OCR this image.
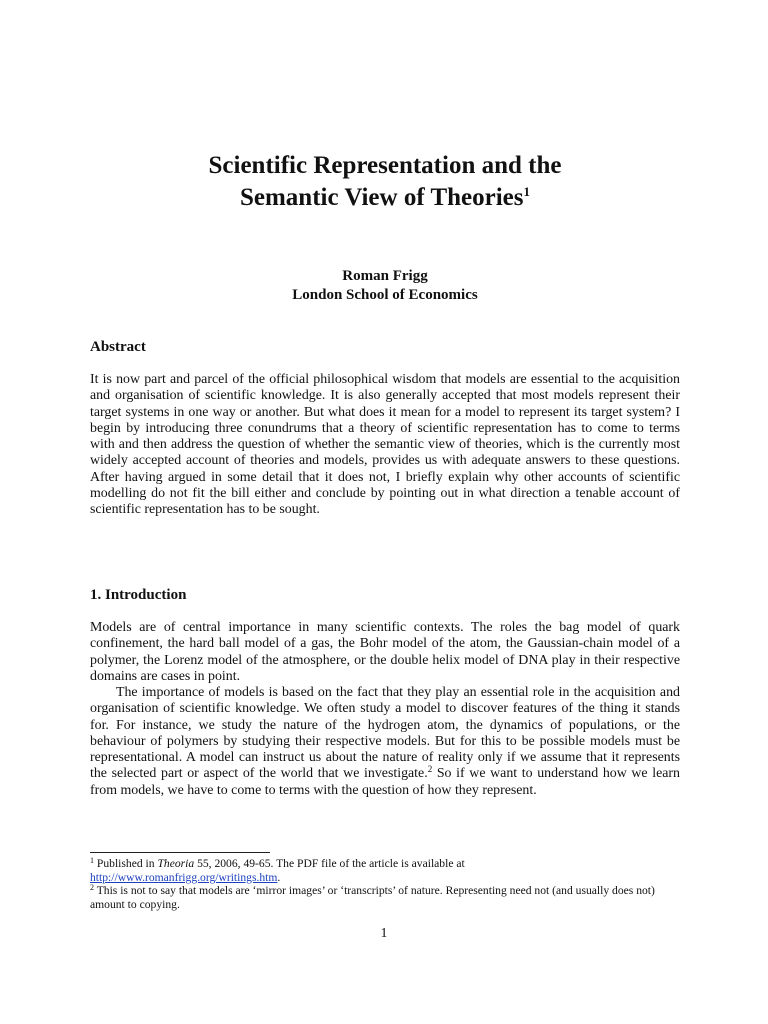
Scientific Representation and the
Semantic View of Theories$^1$
Roman Frigg
London School of Economics
Abstract

It is now part and parcel of the official philosophical wisdom that models are essential to the acquisition and organisation of scientific knowledge. It is also generally accepted that most models represent their target systems in one way or another. But what does it mean for a model to represent its target system? I begin by introducing three conundrums that a theory of scientific representation has to come to terms with and then address the question of whether the semantic view of theories, which is the currently most widely accepted account of theories and models, provides us with adequate answers to these questions. After having argued in some detail that it does not, I briefly explain why other accounts of scientific modelling do not fit the bill either and conclude by pointing out in what direction a tenable account of scientific representation has to be sought.

1. Introduction

Models are of central importance in many scientific contexts. The roles the bag model of quark confinement, the hard ball model of a gas, the Bohr model of the atom, the Gaussian-chain model of a polymer, the Lorenz model of the atmosphere, or the double helix model of DNA play in their respective domains are cases in point.

The importance of models is based on the fact that they play an essential role in the acquisition and organisation of scientific knowledge. We often study a model to discover features of the thing it stands for. For instance, we study the nature of the hydrogen atom, the dynamics of populations, or the behaviour of polymers by studying their respective models. But for this to be possible models must be representational. A model can instruct us about the nature of reality only if we assume that it represents the selected part or aspect of the world that we investigate.$^2$ So if we want to understand how we learn from models, we have to come to terms with the question of how they represent.

$^1$ Published in Theoria 55, 2006, 49-65. The PDF file of the article is available at
http://www.romanfrigg.org/writings.htm.

$^2$ This is not to say that models are ‘mirror images’ or ‘transcripts’ of nature. Representing need not (and usually does not) amount to copying.

1
